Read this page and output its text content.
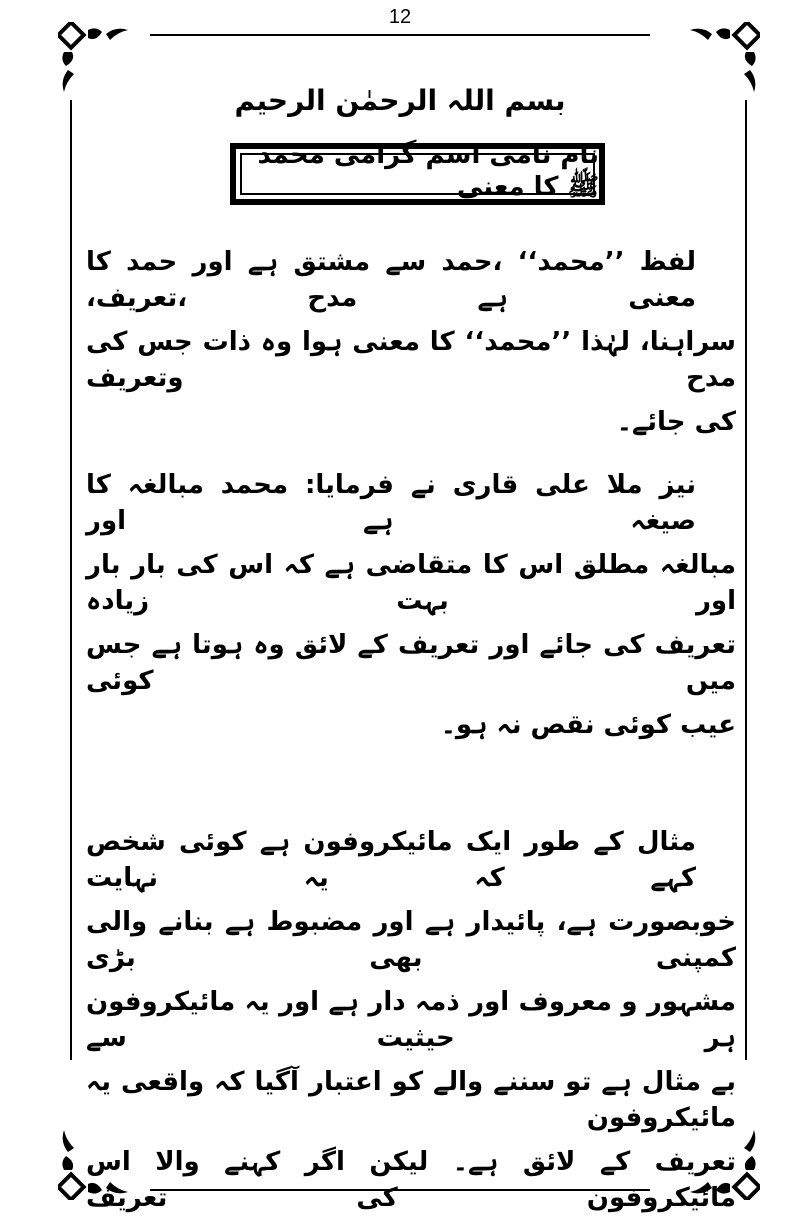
12
بسم اللہ الرحمٰن الرحیم
نام نامی اسم گرامی محمد ﷺ کا معنی
لفظ ’’محمد‘‘ ،حمد سے مشتق ہے اور حمد کا معنی ہے مدح ،تعریف،
سراہنا، لہٰذا ’’محمد‘‘ کا معنی ہوا وہ ذات جس کی مدح وتعریف
کی جائے۔
نیز ملا علی قاری نے فرمایا: محمد مبالغہ کا صیغہ ہے اور
مبالغہ مطلق اس کا متقاضی ہے کہ اس کی بار بار اور بہت زیادہ
تعریف کی جائے اور تعریف کے لائق وہ ہوتا ہے جس میں کوئی
عیب کوئی نقص نہ ہو۔
مثال کے طور ایک مائیکروفون ہے کوئی شخص کہے کہ یہ نہایت
خوبصورت ہے، پائیدار ہے اور مضبوط ہے بنانے والی کمپنی بھی بڑی
مشہور و معروف اور ذمہ دار ہے اور یہ مائیکروفون ہر حیثیت سے
بے مثال ہے تو سننے والے کو اعتبار آگیا کہ واقعی یہ مائیکروفون
تعریف کے لائق ہے۔ لیکن اگر کہنے والا اس مائیکروفون کی تعریف
